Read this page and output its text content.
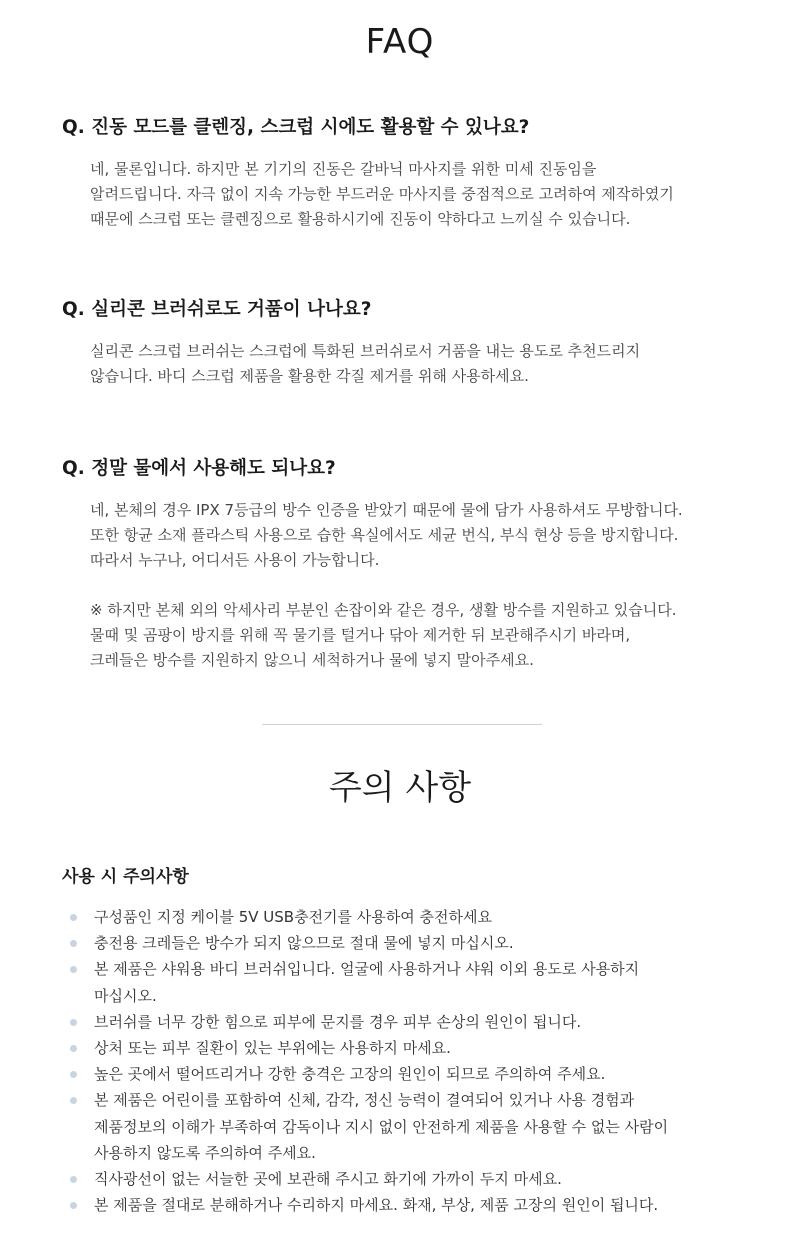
FAQ
Q. 진동 모드를 클렌징, 스크럽 시에도 활용할 수 있나요?

네, 물론입니다. 하지만 본 기기의 진동은 갈바닉 마사지를 위한 미세 진동임을

알려드립니다. 자극 없이 지속 가능한 부드러운 마사지를 중점적으로 고려하여 제작하였기

때문에 스크럽 또는 클렌징으로 활용하시기에 진동이 약하다고 느끼실 수 있습니다.

Q. 실리콘 브러쉬로도 거품이 나나요?

실리콘 스크럽 브러쉬는 스크럽에 특화된 브러쉬로서 거품을 내는 용도로 추천드리지

않습니다. 바디 스크럽 제품을 활용한 각질 제거를 위해 사용하세요.

Q. 정말 물에서 사용해도 되나요?

네, 본체의 경우 IPX 7등급의 방수 인증을 받았기 때문에 물에 담가 사용하셔도 무방합니다.

또한 항균 소재 플라스틱 사용으로 습한 욕실에서도 세균 번식, 부식 현상 등을 방지합니다.

따라서 누구나, 어디서든 사용이 가능합니다.

※ 하지만 본체 외의 악세사리 부분인 손잡이와 같은 경우, 생활 방수를 지원하고 있습니다.

물때 및 곰팡이 방지를 위해 꼭 물기를 털거나 닦아 제거한 뒤 보관해주시기 바라며,

크레들은 방수를 지원하지 않으니 세척하거나 물에 넣지 말아주세요.

주의 사항
사용 시 주의사항
구성품인 지정 케이블 5V USB충전기를 사용하여 충전하세요
충전용 크레들은 방수가 되지 않으므로 절대 물에 넣지 마십시오.
본 제품은 샤워용 바디 브러쉬입니다. 얼굴에 사용하거나 샤워 이외 용도로 사용하지
마십시오.
브러쉬를 너무 강한 힘으로 피부에 문지를 경우 피부 손상의 원인이 됩니다.
상처 또는 피부 질환이 있는 부위에는 사용하지 마세요.
높은 곳에서 떨어뜨리거나 강한 충격은 고장의 원인이 되므로 주의하여 주세요.
본 제품은 어린이를 포함하여 신체, 감각, 정신 능력이 결여되어 있거나 사용 경험과
제품정보의 이해가 부족하여 감독이나 지시 없이 안전하게 제품을 사용할 수 없는 사람이
사용하지 않도록 주의하여 주세요.
직사광선이 없는 서늘한 곳에 보관해 주시고 화기에 가까이 두지 마세요.
본 제품을 절대로 분해하거나 수리하지 마세요. 화재, 부상, 제품 고장의 원인이 됩니다.
